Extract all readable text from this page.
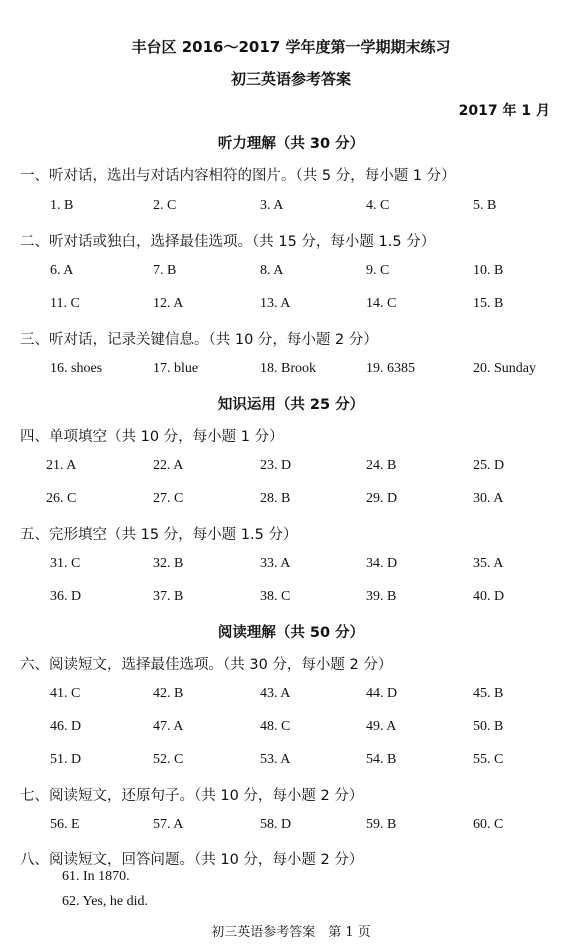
丰台区 2016～2017 学年度第一学期期末练习
初三英语参考答案
2017 年 1 月
听力理解（共 30 分）
一、听对话，选出与对话内容相符的图片。（共 5 分，每小题 1 分）
1. B	2. C	3. A	4. C	5. B
二、听对话或独白，选择最佳选项。（共 15 分，每小题 1.5 分）
6. A	7. B	8. A	9. C	10. B
11. C	12. A	13. A	14. C	15. B
三、听对话，记录关键信息。（共 10 分，每小题 2 分）
16. shoes	17. blue	18. Brook	19. 6385	20. Sunday
知识运用（共 25 分）
四、单项填空（共 10 分，每小题 1 分）
21. A	22. A	23. D	24. B	25. D
26. C	27. C	28. B	29. D	30. A
五、完形填空（共 15 分，每小题 1.5 分）
31. C	32. B	33. A	34. D	35. A
36. D	37. B	38. C	39. B	40. D
阅读理解（共 50 分）
六、阅读短文，选择最佳选项。（共 30 分，每小题 2 分）
41. C	42. B	43. A	44. D	45. B
46. D	47. A	48. C	49. A	50. B
51. D	52. C	53. A	54. B	55. C
七、阅读短文，还原句子。（共 10 分，每小题 2 分）
56. E	57. A	58. D	59. B	60. C
八、阅读短文，回答问题。（共 10 分，每小题 2 分）
61. In 1870.
62. Yes, he did.
初三英语参考答案　第 1 页
